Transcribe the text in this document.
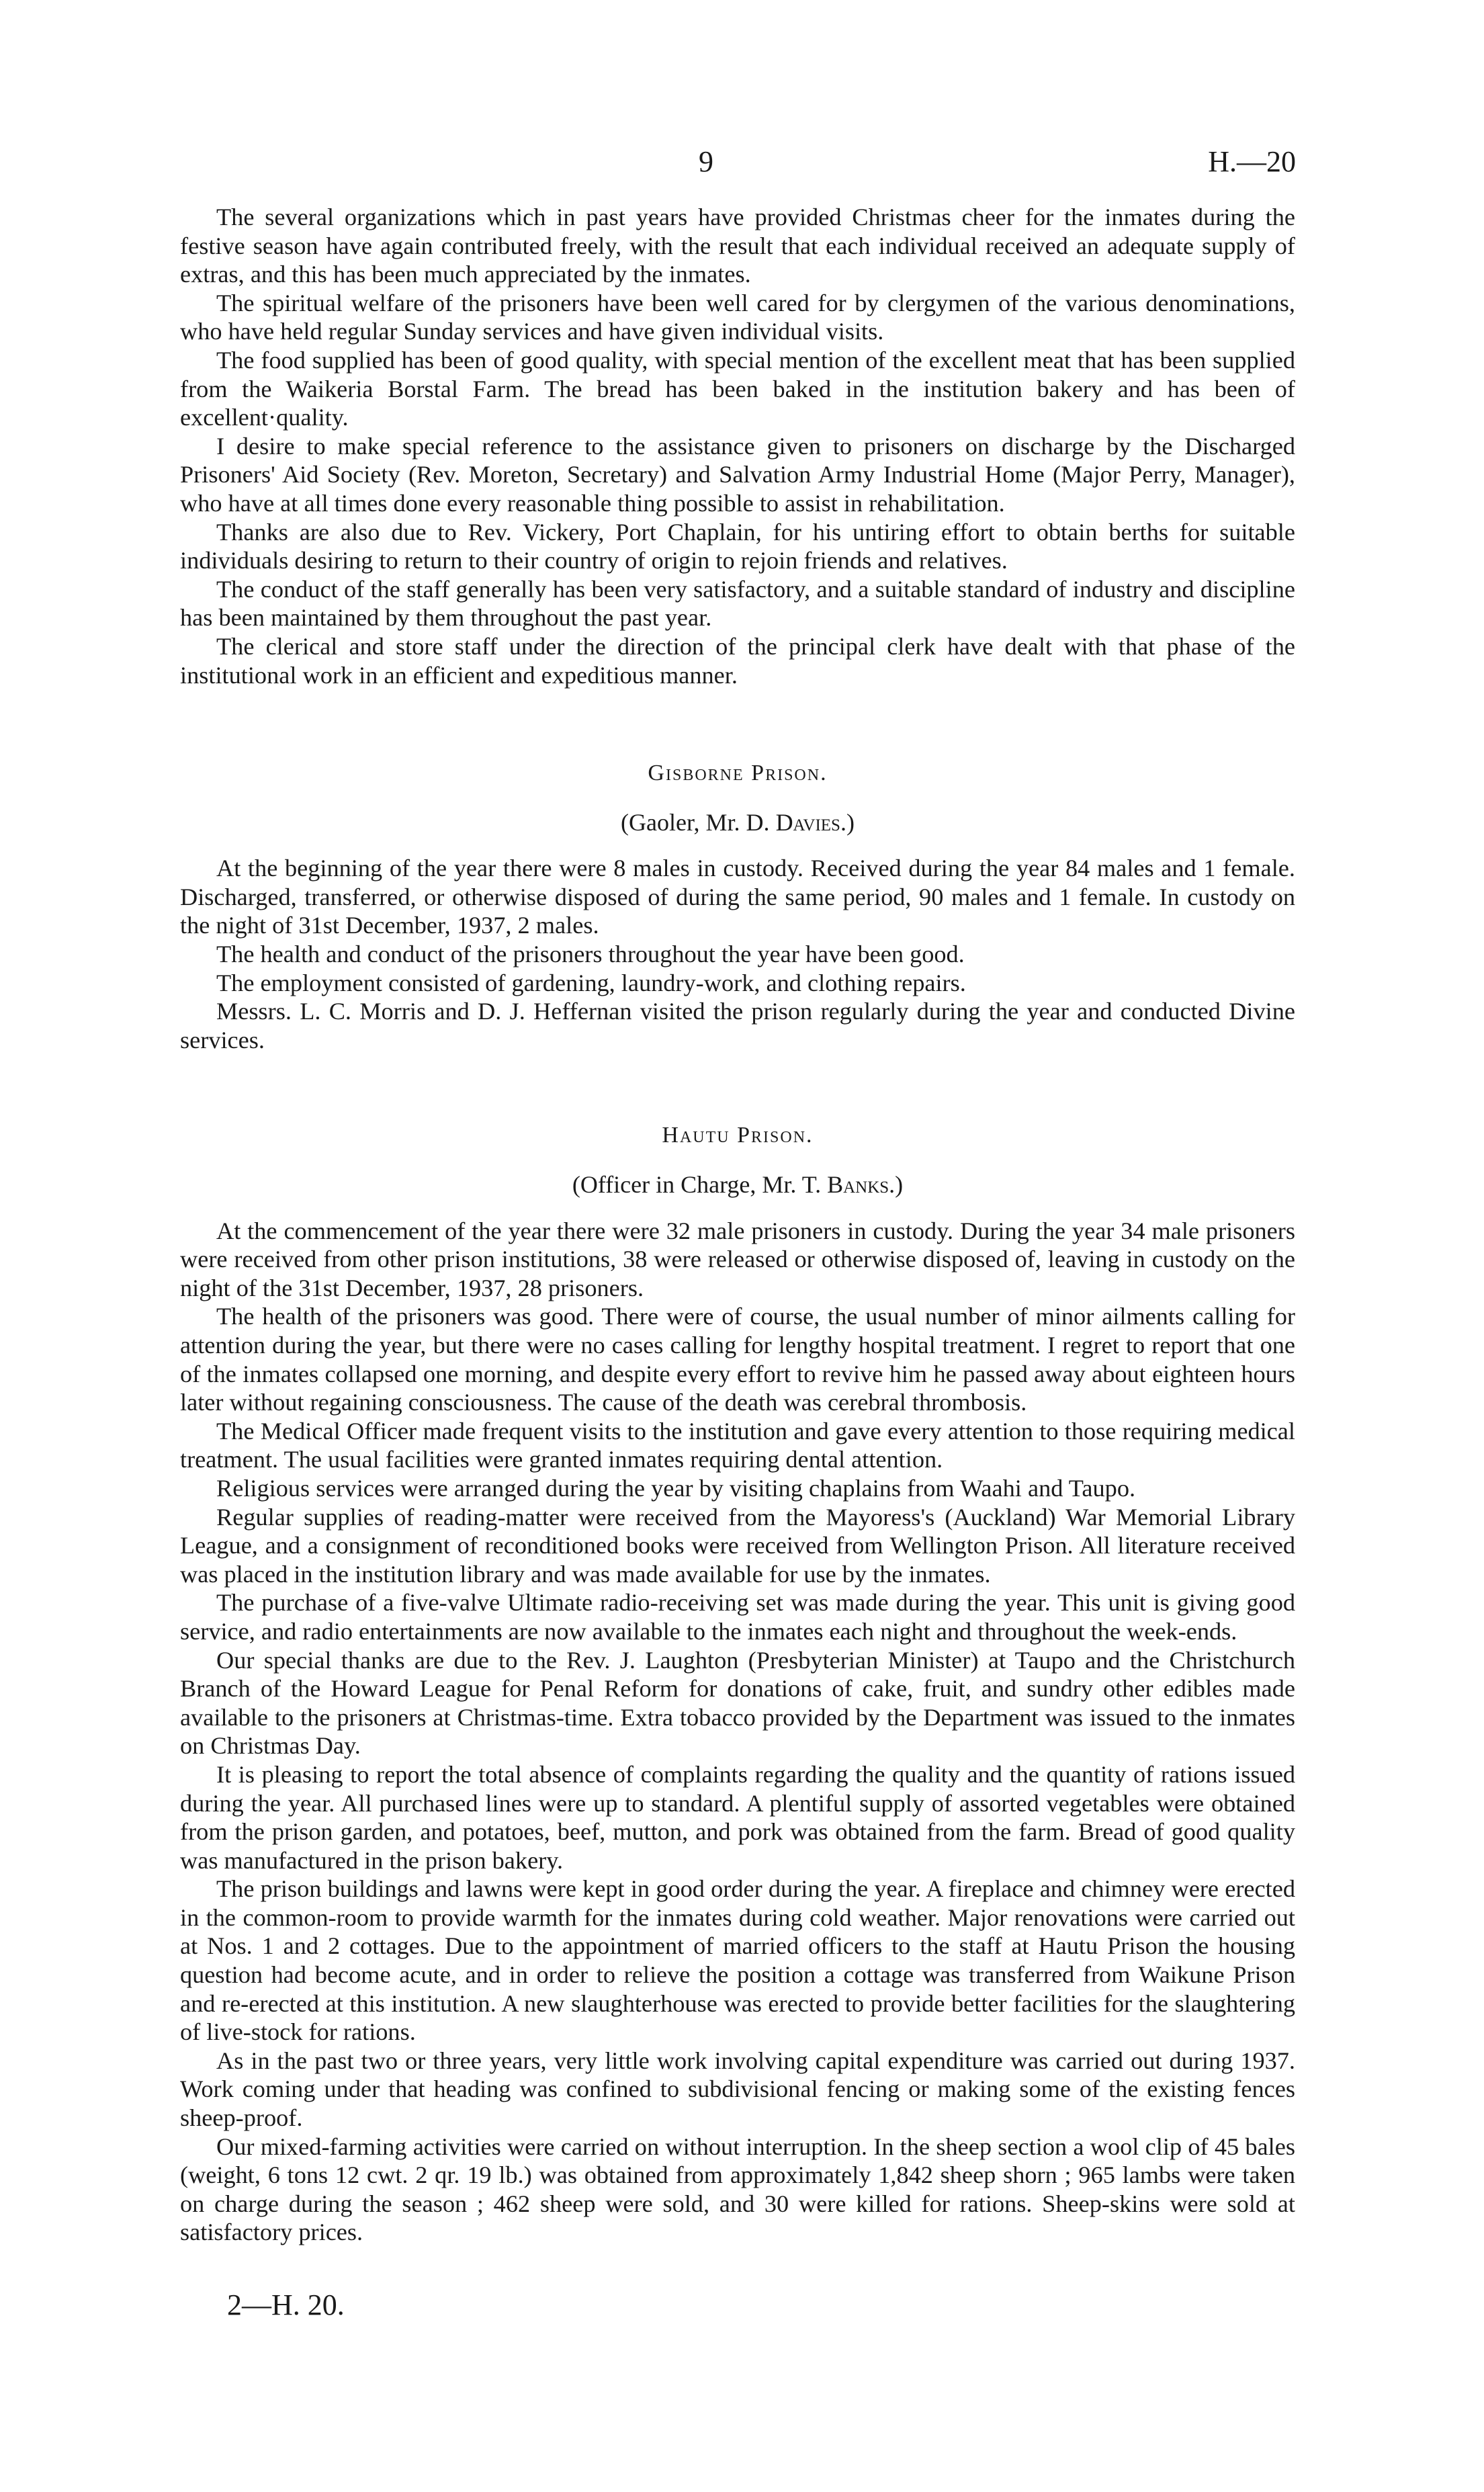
9	H.—20

The several organizations which in past years have provided Christmas cheer for the inmates during the festive season have again contributed freely, with the result that each individual received an adequate supply of extras, and this has been much appreciated by the inmates.

The spiritual welfare of the prisoners have been well cared for by clergymen of the various denominations, who have held regular Sunday services and have given individual visits.

The food supplied has been of good quality, with special mention of the excellent meat that has been supplied from the Waikeria Borstal Farm. The bread has been baked in the institution bakery and has been of excellent·quality.

I desire to make special reference to the assistance given to prisoners on discharge by the Discharged Prisoners' Aid Society (Rev. Moreton, Secretary) and Salvation Army Industrial Home (Major Perry, Manager), who have at all times done every reasonable thing possible to assist in rehabilitation.

Thanks are also due to Rev. Vickery, Port Chaplain, for his untiring effort to obtain berths for suitable individuals desiring to return to their country of origin to rejoin friends and relatives.

The conduct of the staff generally has been very satisfactory, and a suitable standard of industry and discipline has been maintained by them throughout the past year.

The clerical and store staff under the direction of the principal clerk have dealt with that phase of the institutional work in an efficient and expeditious manner.

Gisborne Prison.
(Gaoler, Mr. D. Davies.)

At the beginning of the year there were 8 males in custody. Received during the year 84 males and 1 female. Discharged, transferred, or otherwise disposed of during the same period, 90 males and 1 female. In custody on the night of 31st December, 1937, 2 males.

The health and conduct of the prisoners throughout the year have been good.

The employment consisted of gardening, laundry-work, and clothing repairs.

Messrs. L. C. Morris and D. J. Heffernan visited the prison regularly during the year and conducted Divine services.

Hautu Prison.
(Officer in Charge, Mr. T. Banks.)

At the commencement of the year there were 32 male prisoners in custody. During the year 34 male prisoners were received from other prison institutions, 38 were released or otherwise disposed of, leaving in custody on the night of the 31st December, 1937, 28 prisoners.

The health of the prisoners was good. There were of course, the usual number of minor ailments calling for attention during the year, but there were no cases calling for lengthy hospital treatment. I regret to report that one of the inmates collapsed one morning, and despite every effort to revive him he passed away about eighteen hours later without regaining consciousness. The cause of the death was cerebral thrombosis.

The Medical Officer made frequent visits to the institution and gave every attention to those requiring medical treatment. The usual facilities were granted inmates requiring dental attention.

Religious services were arranged during the year by visiting chaplains from Waahi and Taupo.

Regular supplies of reading-matter were received from the Mayoress's (Auckland) War Memorial Library League, and a consignment of reconditioned books were received from Wellington Prison. All literature received was placed in the institution library and was made available for use by the inmates.

The purchase of a five-valve Ultimate radio-receiving set was made during the year. This unit is giving good service, and radio entertainments are now available to the inmates each night and throughout the week-ends.

Our special thanks are due to the Rev. J. Laughton (Presbyterian Minister) at Taupo and the Christchurch Branch of the Howard League for Penal Reform for donations of cake, fruit, and sundry other edibles made available to the prisoners at Christmas-time. Extra tobacco provided by the Department was issued to the inmates on Christmas Day.

It is pleasing to report the total absence of complaints regarding the quality and the quantity of rations issued during the year. All purchased lines were up to standard. A plentiful supply of assorted vegetables were obtained from the prison garden, and potatoes, beef, mutton, and pork was obtained from the farm. Bread of good quality was manufactured in the prison bakery.

The prison buildings and lawns were kept in good order during the year. A fireplace and chimney were erected in the common-room to provide warmth for the inmates during cold weather. Major renovations were carried out at Nos. 1 and 2 cottages. Due to the appointment of married officers to the staff at Hautu Prison the housing question had become acute, and in order to relieve the position a cottage was transferred from Waikune Prison and re-erected at this institution. A new slaughterhouse was erected to provide better facilities for the slaughtering of live-stock for rations.

As in the past two or three years, very little work involving capital expenditure was carried out during 1937. Work coming under that heading was confined to subdivisional fencing or making some of the existing fences sheep-proof.

Our mixed-farming activities were carried on without interruption. In the sheep section a wool clip of 45 bales (weight, 6 tons 12 cwt. 2 qr. 19 lb.) was obtained from approximately 1,842 sheep shorn ; 965 lambs were taken on charge during the season ; 462 sheep were sold, and 30 were killed for rations. Sheep-skins were sold at satisfactory prices.

2—H. 20.
